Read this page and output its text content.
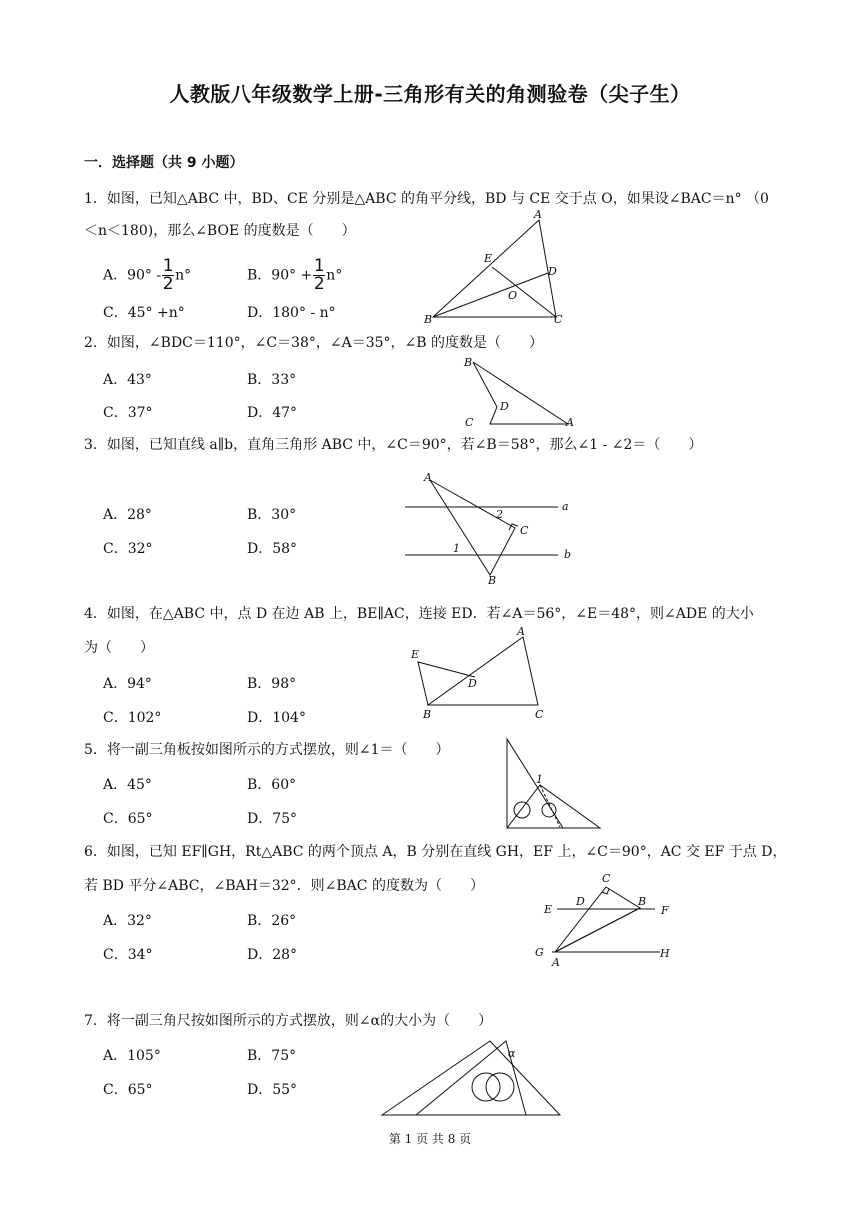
人教版八年级数学上册-三角形有关的角测验卷（尖子生）
一．选择题（共 9 小题）
1．如图，已知△ABC 中，BD、CE 分别是△ABC 的角平分线，BD 与 CE 交于点 O，如果设∠BAC＝n° （0
＜n＜180)，那么∠BOE 的度数是（　　）
A．$90^\circ - \frac{1}{2} n^\circ$	B．$90^\circ + \frac{1}{2} n^\circ$
C．45° +n°	D．180° - n°
A
E
D
O
B	C
2．如图，∠BDC＝110°，∠C＝38°，∠A＝35°，∠B 的度数是（　　）
A．43°	B．33°
C．37°	D．47°
B
D
C	A
3．如图，已知直线 a∥b，直角三角形 ABC 中，∠C＝90°，若∠B＝58°，那么∠1 - ∠2＝（　　）
A．28°	B．30°
C．32°	D．58°
A
a
2
C
1	b
B
4．如图，在△ABC 中，点 D 在边 AB 上，BE∥AC，连接 ED．若∠A＝56°，∠E＝48°，则∠ADE 的大小
为（　　）
A．94°	B．98°
C．102°	D．104°
A
E
D
B	C
5．将一副三角板按如图所示的方式摆放，则∠1＝（　　）
A．45°	B．60°
C．65°	D．75°
1
6．如图，已知 EF∥GH，Rt△ABC 的两个顶点 A，B 分别在直线 GH，EF 上，∠C＝90°，AC 交 EF 于点 D，
若 BD 平分∠ABC，∠BAH＝32°．则∠BAC 的度数为（　　）
A．32°	B．26°
C．34°	D．28°
C
E
D	B
F
G
A
H
7．将一副三角尺按如图所示的方式摆放，则∠α的大小为（　　）
A．105°	B．75°
C．65°	D．55°
α
第 1 页 共 8 页
